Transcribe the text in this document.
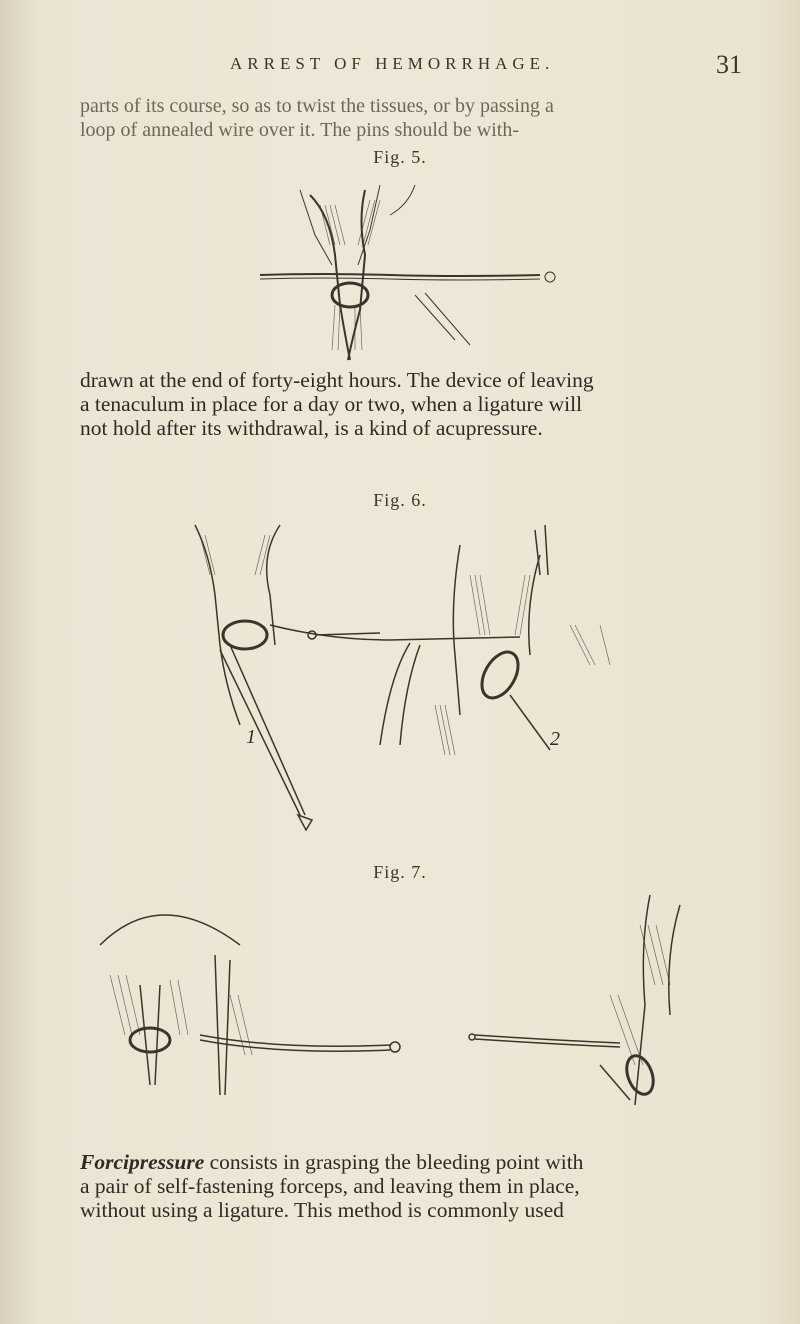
ARREST OF HEMORRHAGE.	31
parts of its course, so as to twist the tissues, or by passing a
loop of annealed wire over it. The pins should be with-
Fig. 5.
drawn at the end of forty-eight hours. The device of leaving
a tenaculum in place for a day or two, when a ligature will
not hold after its withdrawal, is a kind of acupressure.
Fig. 6.
1	2
Fig. 7.
Forcipressure consists in grasping the bleeding point with
a pair of self-fastening forceps, and leaving them in place,
without using a ligature. This method is commonly used
